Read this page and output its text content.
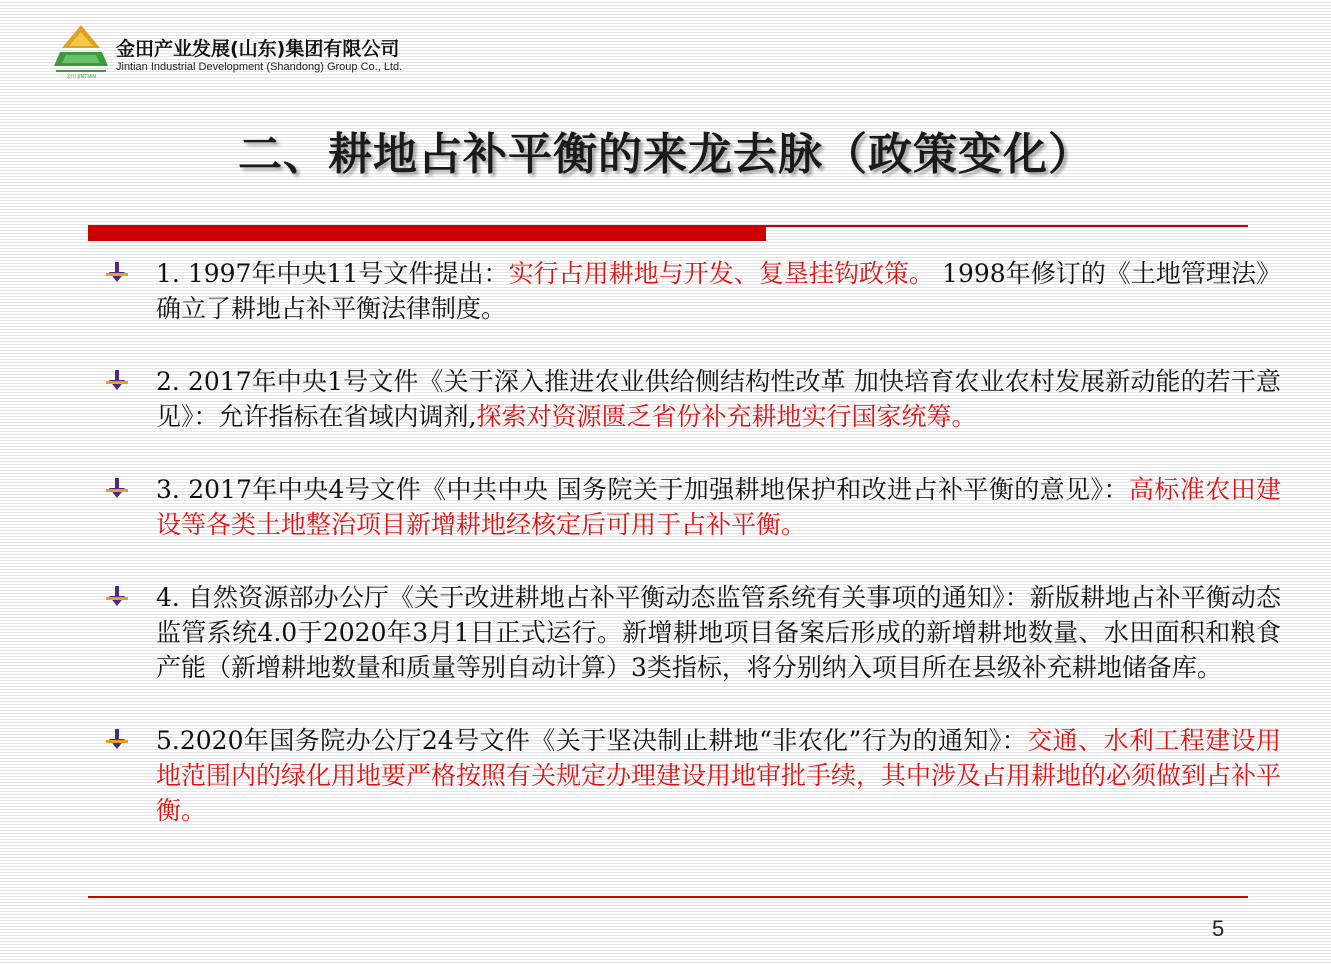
金田 JINTIAN
金田产业发展(山东)集团有限公司
Jintian Industrial Development (Shandong) Group Co., Ltd.
二、耕地占补平衡的来龙去脉（政策变化）
1. 1997年中央11号文件提出：实行占用耕地与开发、复垦挂钩政策。 1998年修订的《土地管理法》确立了耕地占补平衡法律制度。
2. 2017年中央1号文件《关于深入推进农业供给侧结构性改革 加快培育农业农村发展新动能的若干意见》：允许指标在省域内调剂,探索对资源匮乏省份补充耕地实行国家统筹。
3. 2017年中央4号文件《中共中央 国务院关于加强耕地保护和改进占补平衡的意见》：高标准农田建设等各类土地整治项目新增耕地经核定后可用于占补平衡。
4. 自然资源部办公厅《关于改进耕地占补平衡动态监管系统有关事项的通知》：新版耕地占补平衡动态监管系统4.0于2020年3月1日正式运行。新增耕地项目备案后形成的新增耕地数量、水田面积和粮食产能（新增耕地数量和质量等别自动计算）3类指标，将分别纳入项目所在县级补充耕地储备库。
5.2020年国务院办公厅24号文件《关于坚决制止耕地“非农化”行为的通知》：交通、水利工程建设用地范围内的绿化用地要严格按照有关规定办理建设用地审批手续，其中涉及占用耕地的必须做到占补平衡。
5
